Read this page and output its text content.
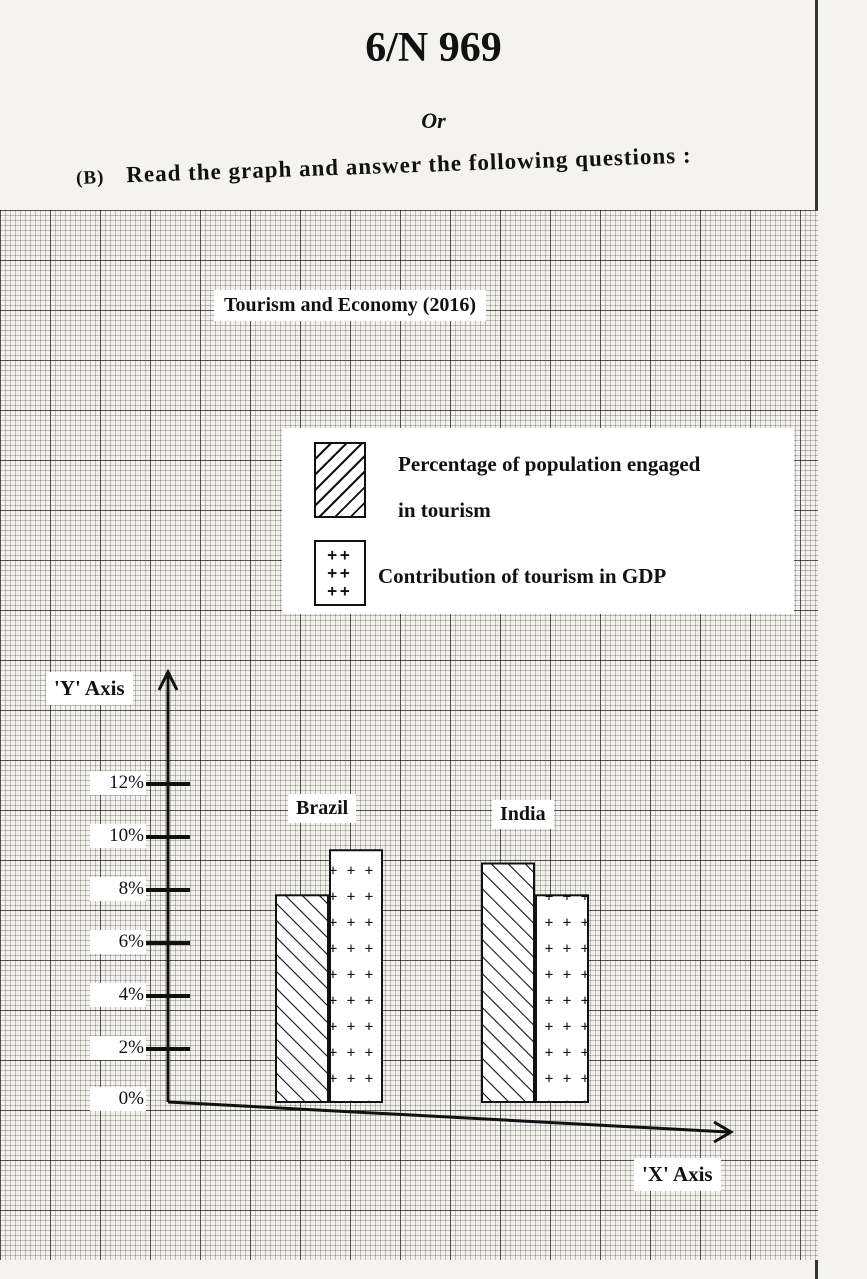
6/N 969
Or
(B) Read the graph and answer the following questions :
Tourism and Economy (2016)
Percentage of population engaged
in tourism
++
++
++
Contribution of tourism in GDP
'Y' Axis
'X' Axis
12%
10%
8%
6%
4%
2%
0%
Brazil	India
